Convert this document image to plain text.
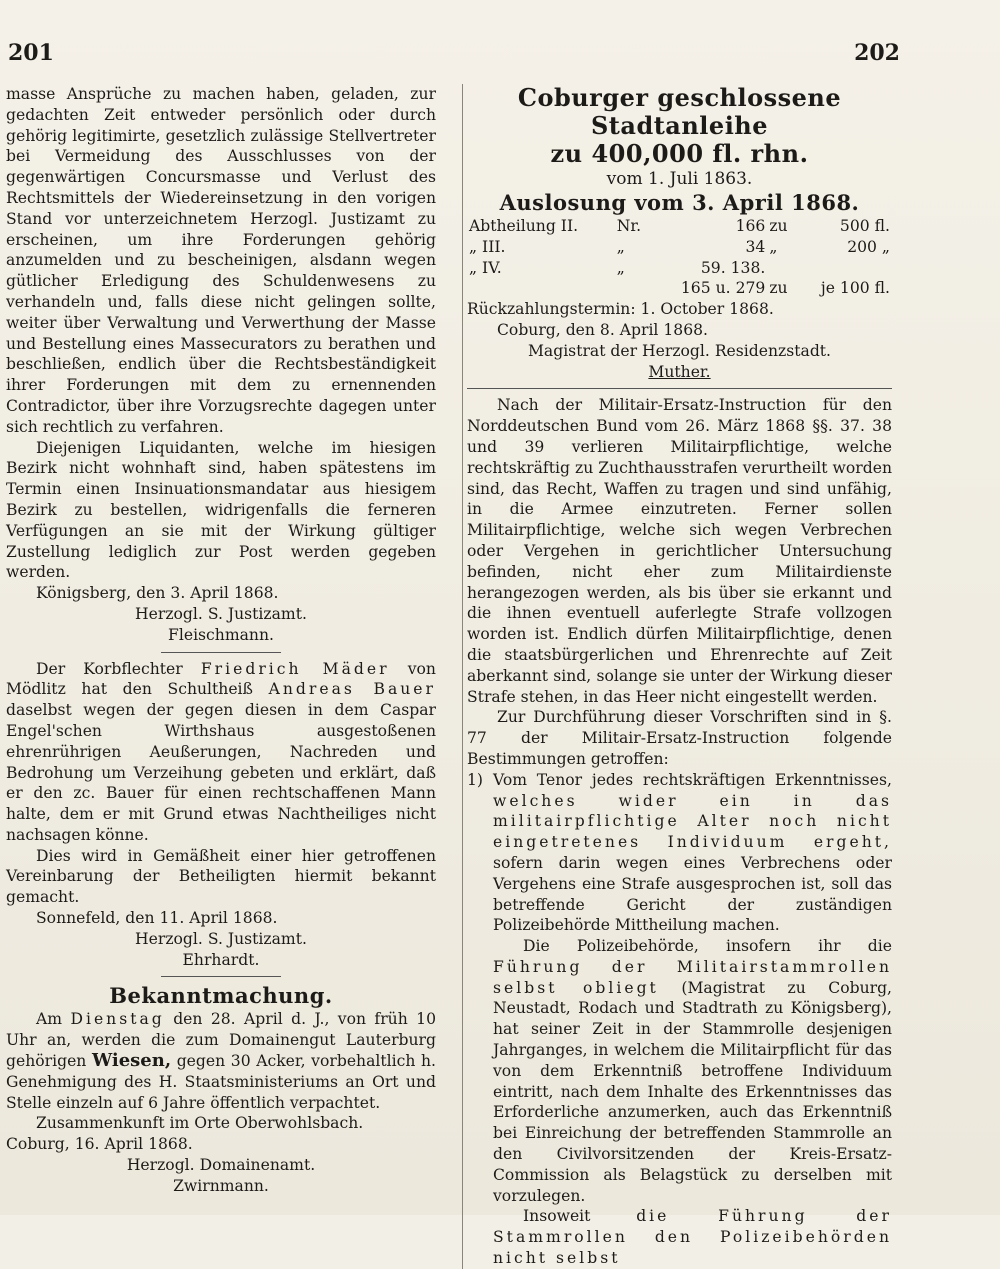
201	202

masse Ansprüche zu machen haben, geladen, zur gedachten Zeit entweder persönlich oder durch gehörig legitimirte, gesetzlich zulässige Stellvertreter bei Vermeidung des Ausschlusses von der gegenwärtigen Concursmasse und Verlust des Rechtsmittels der Wiedereinsetzung in den vorigen Stand vor unterzeichnetem Herzogl. Justizamt zu erscheinen, um ihre Forderungen gehörig anzumelden und zu bescheinigen, alsdann wegen gütlicher Erledigung des Schuldenwesens zu verhandeln und, falls diese nicht gelingen sollte, weiter über Verwaltung und Verwerthung der Masse und Bestellung eines Massecurators zu berathen und beschließen, endlich über die Rechtsbeständigkeit ihrer Forderungen mit dem zu ernennenden Contradictor, über ihre Vorzugsrechte dagegen unter sich rechtlich zu verfahren.

Diejenigen Liquidanten, welche im hiesigen Bezirk nicht wohnhaft sind, haben spätestens im Termin einen Insinuationsmandatar aus hiesigem Bezirk zu bestellen, widrigenfalls die ferneren Verfügungen an sie mit der Wirkung gültiger Zustellung lediglich zur Post werden gegeben werden.

Königsberg, den 3. April 1868.

Herzogl. S. Justizamt.

Fleischmann.

Der Korbflechter Friedrich Mäder von Mödlitz hat den Schultheiß Andreas Bauer daselbst wegen der gegen diesen in dem Caspar Engel'schen Wirthshaus ausgestoßenen ehrenrührigen Aeußerungen, Nachreden und Bedrohung um Verzeihung gebeten und erklärt, daß er den zc. Bauer für einen rechtschaffenen Mann halte, dem er mit Grund etwas Nachtheiliges nicht nachsagen könne.

Dies wird in Gemäßheit einer hier getroffenen Vereinbarung der Betheiligten hiermit bekannt gemacht.

Sonnefeld, den 11. April 1868.

Herzogl. S. Justizamt.

Ehrhardt.

Bekanntmachung.

Am Dienstag den 28. April d. J., von früh 10 Uhr an, werden die zum Domainengut Lauterburg gehörigen Wiesen, gegen 30 Acker, vorbehaltlich h. Genehmigung des H. Staatsministeriums an Ort und Stelle einzeln auf 6 Jahre öffentlich verpachtet.

Zusammenkunft im Orte Oberwohlsbach.

Coburg, 16. April 1868.

Herzogl. Domainenamt.

Zwirnmann.

Coburger geschlossene Stadtanleihe
zu 400,000 fl. rhn.
vom 1. Juli 1863.
Auslosung vom 3. April 1868.
Abtheilung II.	Nr.	166	zu	500 fl.
„ III.	„	34	„	200 „
„ IV.	„	59. 138.		
		165 u. 279	zu	je 100 fl.

Rückzahlungstermin: 1. October 1868.

Coburg, den 8. April 1868.

Magistrat der Herzogl. Residenzstadt.

Muther.

Nach der Militair-Ersatz-Instruction für den Norddeutschen Bund vom 26. März 1868 §§. 37. 38 und 39 verlieren Militairpflichtige, welche rechtskräftig zu Zuchthausstrafen verurtheilt worden sind, das Recht, Waffen zu tragen und sind unfähig, in die Armee einzutreten. Ferner sollen Militairpflichtige, welche sich wegen Verbrechen oder Vergehen in gerichtlicher Untersuchung befinden, nicht eher zum Militairdienste herangezogen werden, als bis über sie erkannt und die ihnen eventuell auferlegte Strafe vollzogen worden ist. Endlich dürfen Militairpflichtige, denen die staatsbürgerlichen und Ehrenrechte auf Zeit aberkannt sind, solange sie unter der Wirkung dieser Strafe stehen, in das Heer nicht eingestellt werden.

Zur Durchführung dieser Vorschriften sind in §. 77 der Militair-Ersatz-Instruction folgende Bestimmungen getroffen:

1) Vom Tenor jedes rechtskräftigen Erkenntnisses, welches wider ein in das militairpflichtige Alter noch nicht eingetretenes Individuum ergeht, sofern darin wegen eines Verbrechens oder Vergehens eine Strafe ausgesprochen ist, soll das betreffende Gericht der zuständigen Polizeibehörde Mittheilung machen.

Die Polizeibehörde, insofern ihr die Führung der Militairstammrollen selbst obliegt (Magistrat zu Coburg, Neustadt, Rodach und Stadtrath zu Königsberg), hat seiner Zeit in der Stammrolle desjenigen Jahrganges, in welchem die Militairpflicht für das von dem Erkenntniß betroffene Individuum eintritt, nach dem Inhalte des Erkenntnisses das Erforderliche anzumerken, auch das Erkenntniß bei Einreichung der betreffenden Stammrolle an den Civilvorsitzenden der Kreis-Ersatz-Commission als Belagstück zu derselben mit vorzulegen.

Insoweit	die Führung der Stammrollen den Polizeibehörden nicht selbst
